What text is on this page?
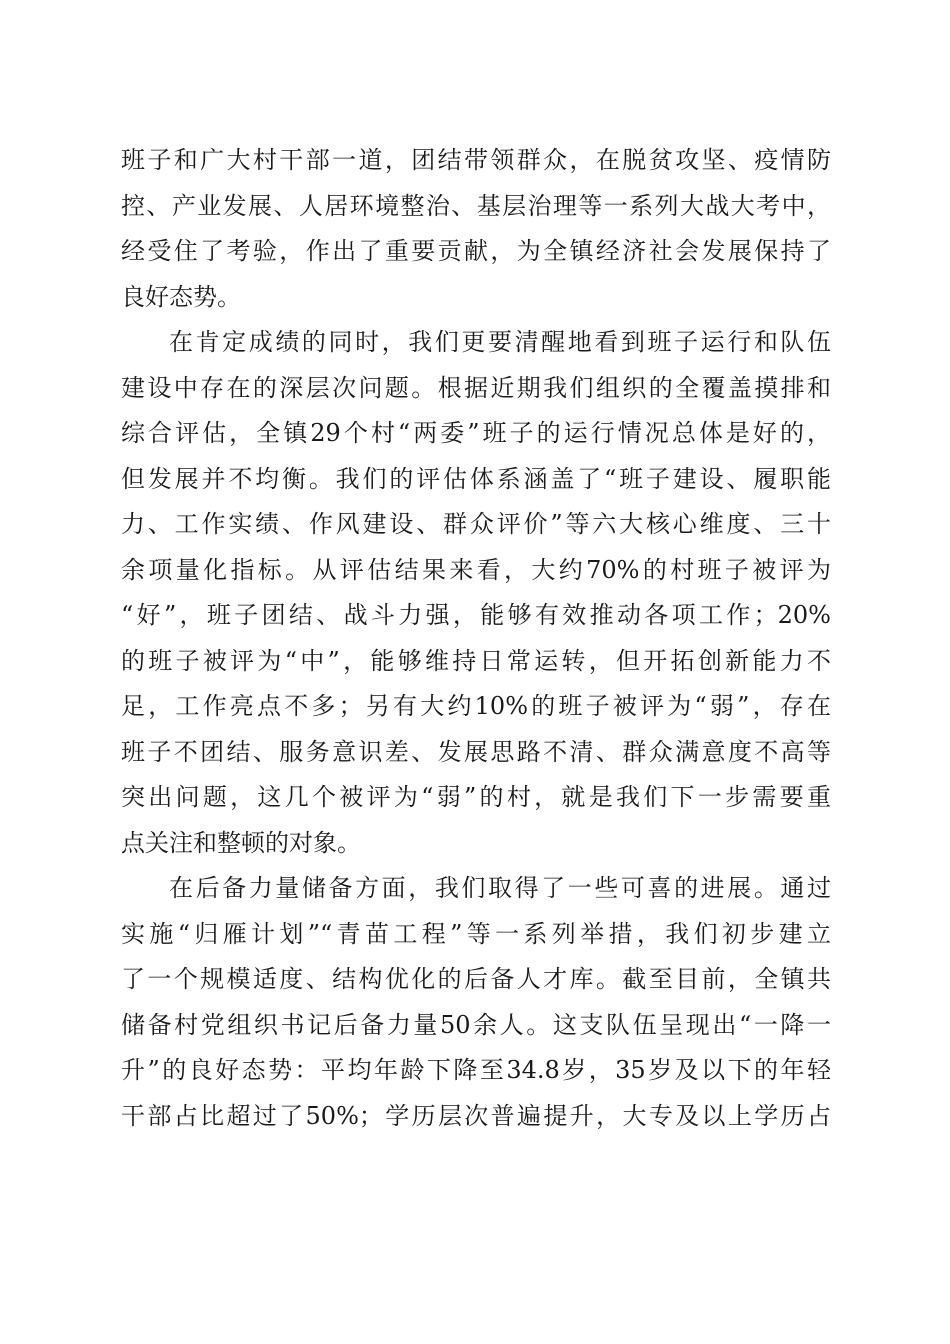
班子和广大村干部一道，团结带领群众，在脱贫攻坚、疫情防
控、产业发展、人居环境整治、基层治理等一系列大战大考中，
经受住了考验，作出了重要贡献，为全镇经济社会发展保持了
良好态势。
在肯定成绩的同时，我们更要清醒地看到班子运行和队伍
建设中存在的深层次问题。根据近期我们组织的全覆盖摸排和
综合评估，全镇29个村“两委”班子的运行情况总体是好的，
但发展并不均衡。我们的评估体系涵盖了“班子建设、履职能
力、工作实绩、作风建设、群众评价”等六大核心维度、三十
余项量化指标。从评估结果来看，大约70%的村班子被评为
“好”，班子团结、战斗力强，能够有效推动各项工作；20%
的班子被评为“中”，能够维持日常运转，但开拓创新能力不
足，工作亮点不多；另有大约10%的班子被评为“弱”，存在
班子不团结、服务意识差、发展思路不清、群众满意度不高等
突出问题，这几个被评为“弱”的村，就是我们下一步需要重
点关注和整顿的对象。
在后备力量储备方面，我们取得了一些可喜的进展。通过
实施“归雁计划”“青苗工程”等一系列举措，我们初步建立
了一个规模适度、结构优化的后备人才库。截至目前，全镇共
储备村党组织书记后备力量50余人。这支队伍呈现出“一降一
升”的良好态势：平均年龄下降至34.8岁，35岁及以下的年轻
干部占比超过了50%；学历层次普遍提升，大专及以上学历占
